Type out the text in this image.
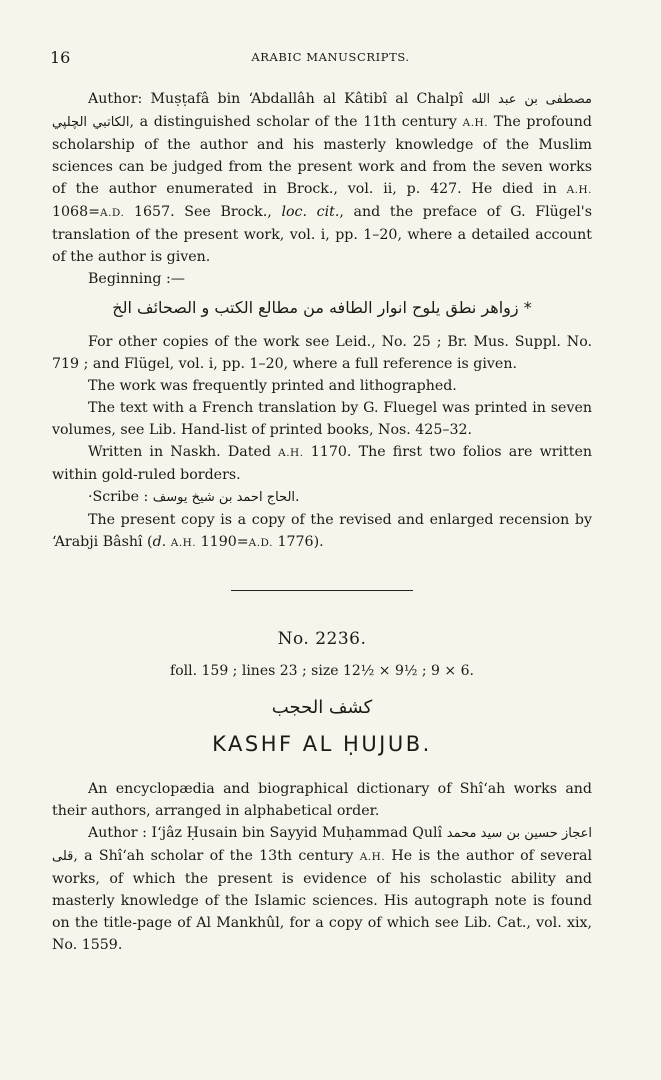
16	ARABIC MANUSCRIPTS.

Author: Muṣṭafâ bin ‘Abdallâh al Kâtibî al Chalpî مصطفى بن عبد الله الكاتبي الچلپي, a distinguished scholar of the 11th century A.H. The profound scholarship of the author and his masterly knowledge of the Muslim sciences can be judged from the present work and from the seven works of the author enumerated in Brock., vol. ii, p. 427. He died in A.H. 1068=A.D. 1657. See Brock., loc. cit., and the preface of G. Flügel's translation of the present work, vol. i, pp. 1–20, where a detailed account of the author is given.

Beginning :—

* زواهر نطق يلوح انوار الطافه من مطالع الكتب و الصحائف الخ

For other copies of the work see Leid., No. 25 ; Br. Mus. Suppl. No. 719 ; and Flügel, vol. i, pp. 1–20, where a full reference is given.

The work was frequently printed and lithographed.

The text with a French translation by G. Fluegel was printed in seven volumes, see Lib. Hand-list of printed books, Nos. 425–32.

Written in Naskh. Dated A.H. 1170. The first two folios are written within gold-ruled borders.

·Scribe : الحاج احمد بن شيخ يوسف.

The present copy is a copy of the revised and enlarged recension by ‘Arabji Bâshî (d. A.H. 1190=A.D. 1776).

No. 2236.
foll. 159 ; lines 23 ; size 12½ × 9½ ; 9 × 6.
كشف الحجب
KASHF AL ḤUJUB.

An encyclopædia and biographical dictionary of Shî‘ah works and their authors, arranged in alphabetical order.

Author : I‘jâz Ḥusain bin Sayyid Muḥammad Qulî اعجاز حسين بن سيد محمد قلى, a Shî‘ah scholar of the 13th century A.H. He is the author of several works, of which the present is evidence of his scholastic ability and masterly knowledge of the Islamic sciences. His autograph note is found on the title-page of Al Mankhûl, for a copy of which see Lib. Cat., vol. xix, No. 1559.
